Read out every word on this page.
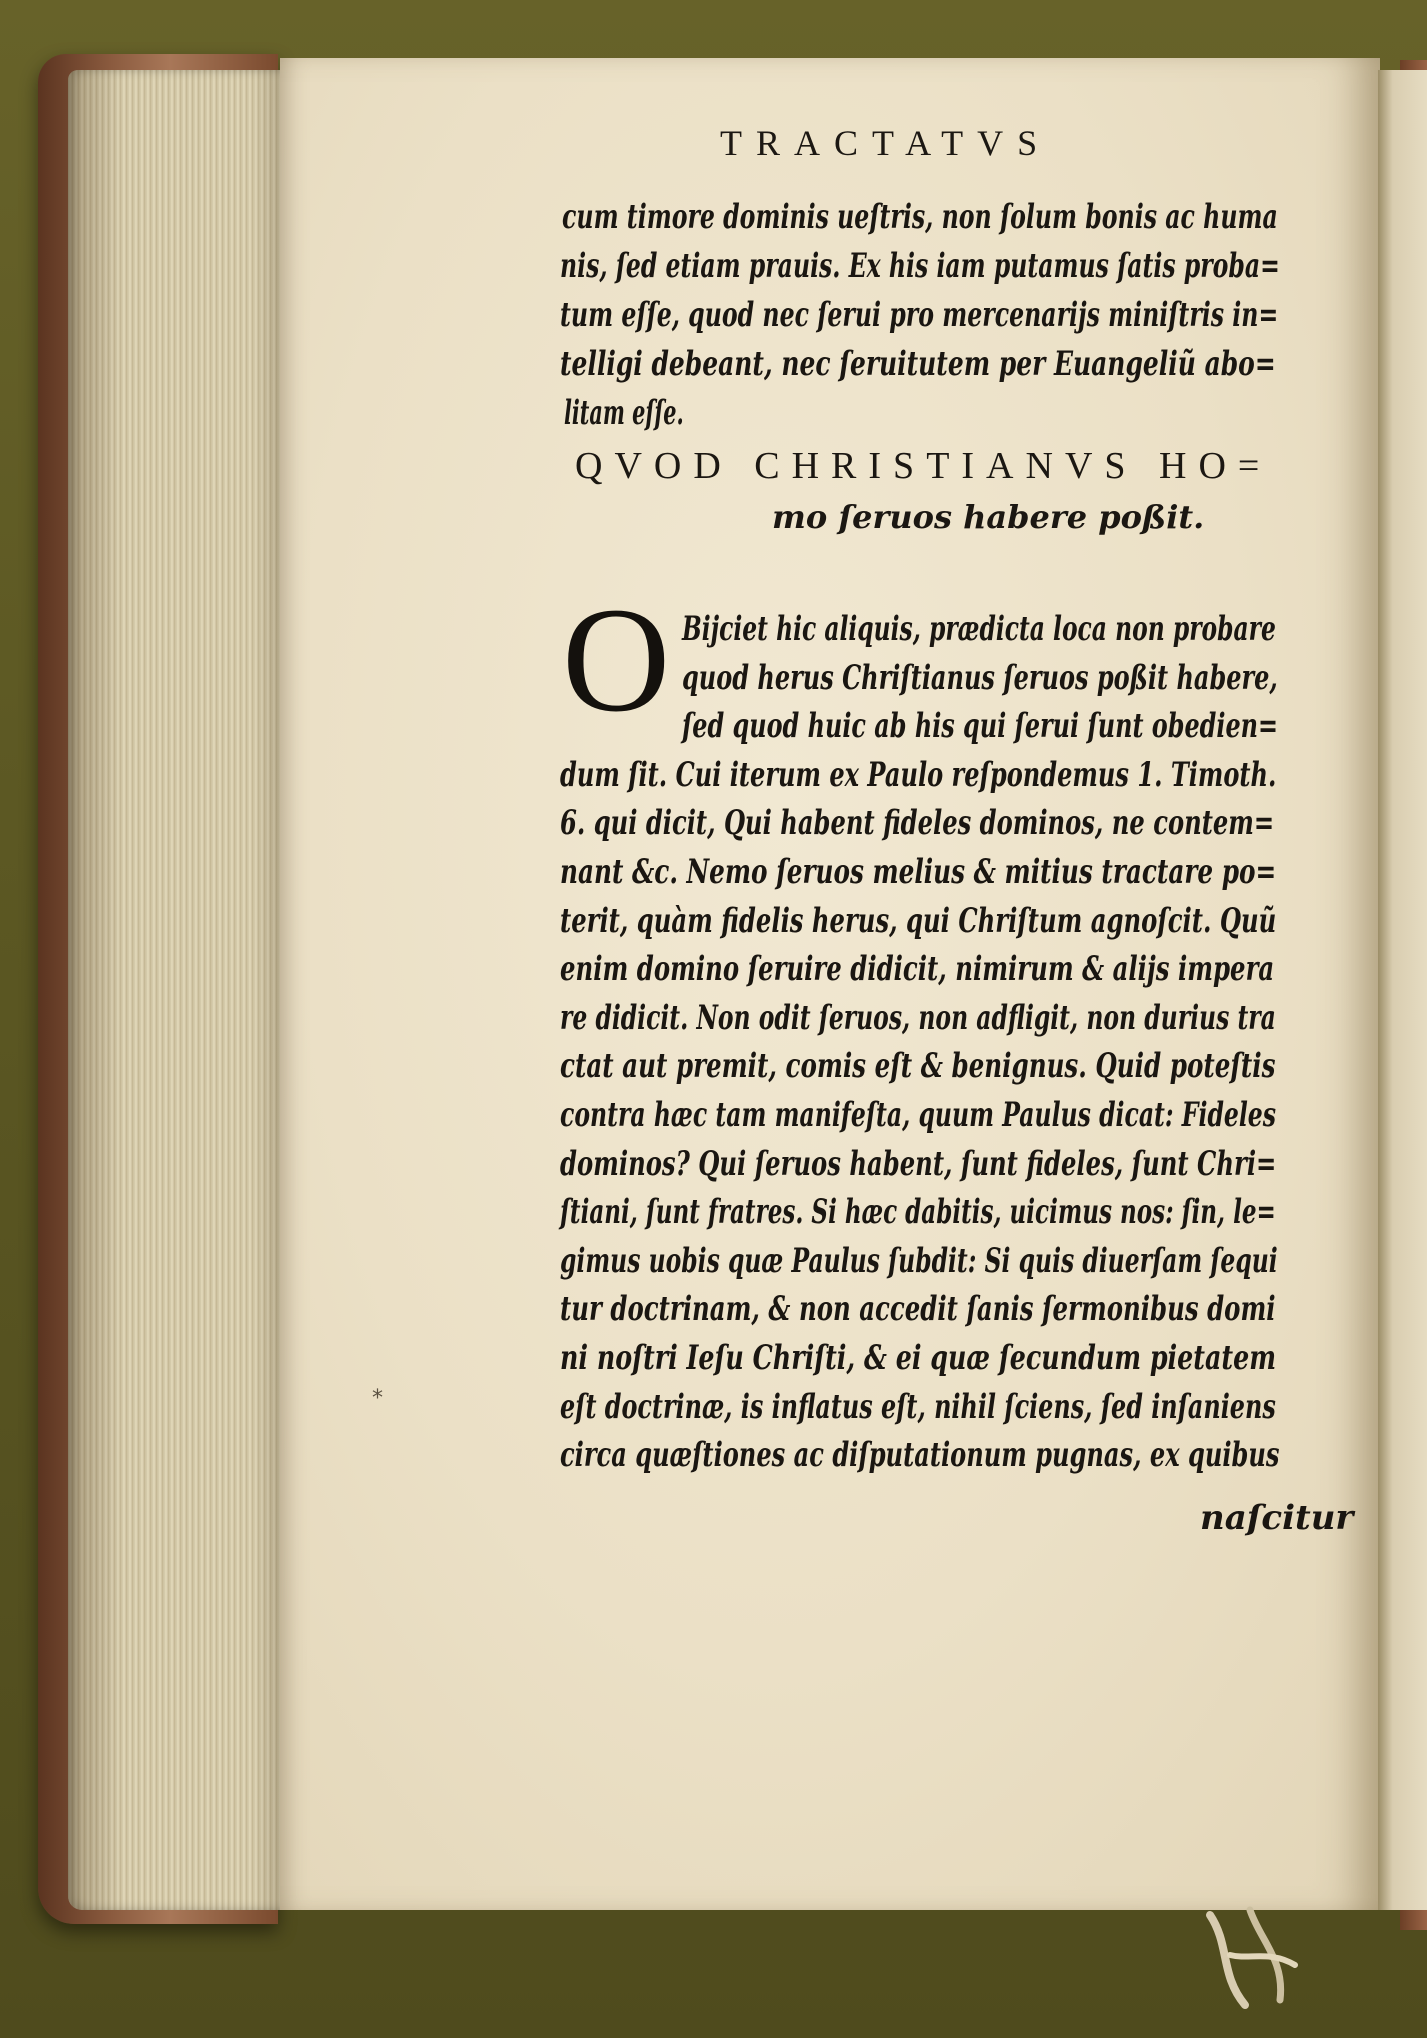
TRACTATVS
QVOD CHRISTIANVS HO=
mo ſeruos habere poßit.
O
naſcitur
*
cum timore dominis ueſtris, non ſolum bonis ac huma
nis, ſed etiam prauis. Ex his iam putamus ſatis proba=
tum eſſe, quod nec ſerui pro mercenarijs miniſtris in=
telligi debeant, nec ſeruitutem per Euangeliũ abo=
litam eſſe.
Bijciet hic aliquis, prædicta loca non probare
quod herus Chriſtianus ſeruos poßit habere,
ſed quod huic ab his qui ſerui ſunt obedien=
dum ſit. Cui iterum ex Paulo reſpondemus 1. Timoth.
6. qui dicit, Qui habent fideles dominos, ne contem=
nant &c. Nemo ſeruos melius & mitius tractare po=
terit, quàm fidelis herus, qui Chriſtum agnoſcit. Quũ
enim domino ſeruire didicit, nimirum & alijs impera
re didicit. Non odit ſeruos, non adfligit, non durius tra
ctat aut premit, comis eſt & benignus. Quid poteſtis
contra hæc tam manifeſta, quum Paulus dicat: Fideles
dominos? Qui ſeruos habent, ſunt fideles, ſunt Chri=
ſtiani, ſunt fratres. Si hæc dabitis, uicimus nos: ſin, le=
gimus uobis quæ Paulus ſubdit: Si quis diuerſam ſequi
tur doctrinam, & non accedit ſanis ſermonibus domi
ni noſtri Ieſu Chriſti, & ei quæ ſecundum pietatem
eſt doctrinæ, is inflatus eſt, nihil ſciens, ſed inſaniens
circa quæſtiones ac diſputationum pugnas, ex quibus
